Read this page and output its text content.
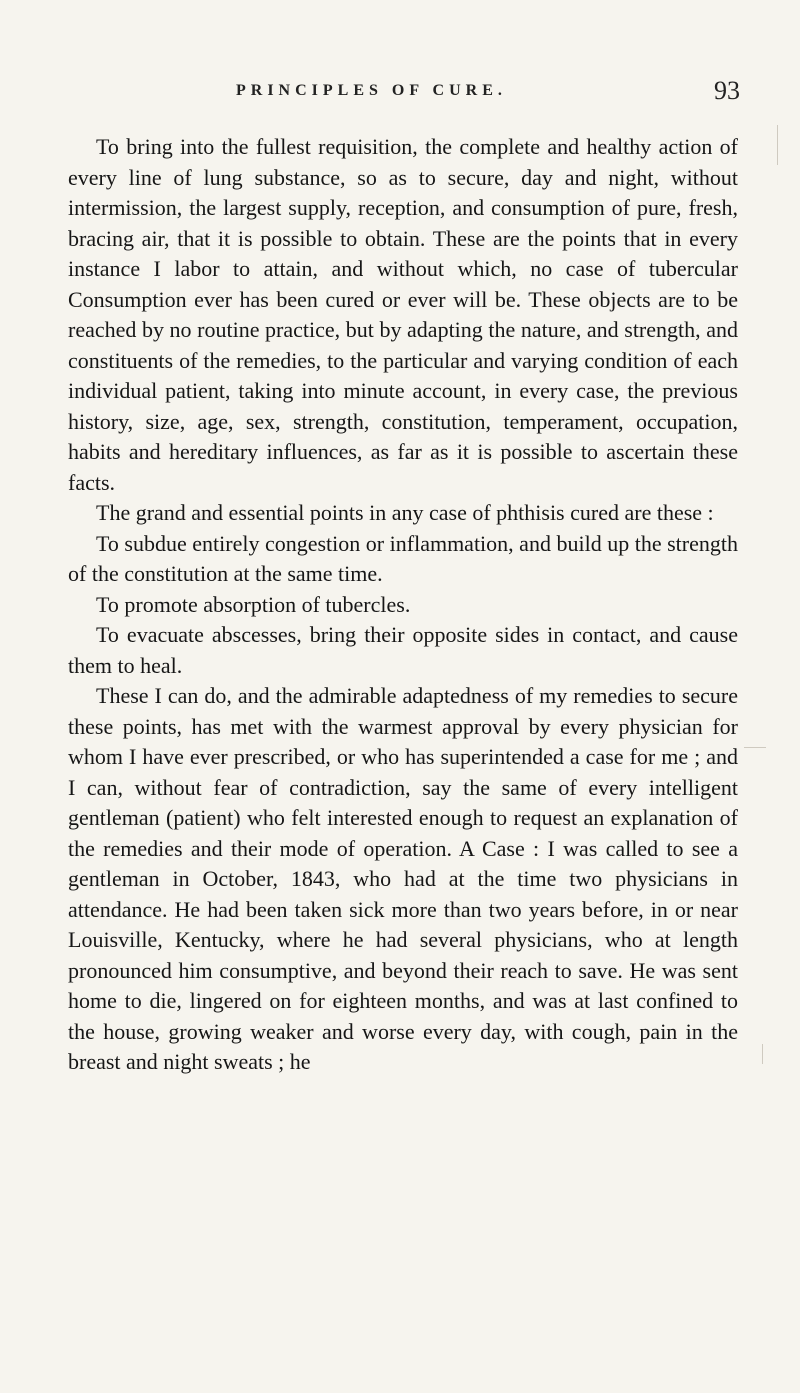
PRINCIPLES OF CURE.	93

To bring into the fullest requisition, the complete and healthy action of every line of lung substance, so as to secure, day and night, without intermission, the largest supply, reception, and consumption of pure, fresh, bracing air, that it is possible to obtain. These are the points that in every instance I labor to attain, and without which, no case of tubercular Consumption ever has been cured or ever will be. These objects are to be reached by no routine practice, but by adapting the nature, and strength, and constituents of the remedies, to the particular and varying condition of each individual patient, taking into minute account, in every case, the previous history, size, age, sex, strength, constitution, temperament, occupation, habits and hereditary influences, as far as it is possible to ascertain these facts.

The grand and essential points in any case of phthisis cured are these :

To subdue entirely congestion or inflammation, and build up the strength of the constitution at the same time.

To promote absorption of tubercles.

To evacuate abscesses, bring their opposite sides in contact, and cause them to heal.

These I can do, and the admirable adaptedness of my remedies to secure these points, has met with the warmest approval by every physician for whom I have ever prescribed, or who has superintended a case for me ; and I can, without fear of contradiction, say the same of every intelligent gentleman (patient) who felt interested enough to request an explanation of the remedies and their mode of operation. A Case : I was called to see a gentleman in October, 1843, who had at the time two physicians in attendance. He had been taken sick more than two years before, in or near Louisville, Kentucky, where he had several physicians, who at length pronounced him consumptive, and beyond their reach to save. He was sent home to die, lingered on for eighteen months, and was at last confined to the house, growing weaker and worse every day, with cough, pain in the breast and night sweats ; he
